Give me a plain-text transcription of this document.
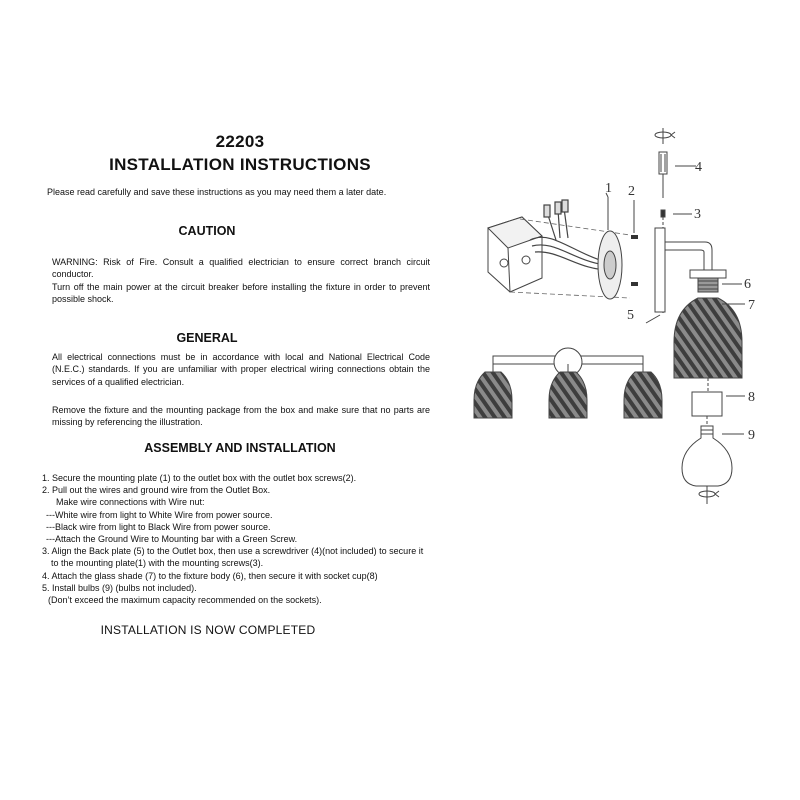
22203
INSTALLATION INSTRUCTIONS
Please read carefully and save these instructions as you may need them a later date.
CAUTION

WARNING: Risk of Fire. Consult a qualified electrician to ensure correct branch circuit conductor.

Turn off the main power at the circuit breaker before installing the fixture in order to prevent possible shock.

GENERAL
All electrical connections must be in accordance with local and National Electrical Code (N.E.C.) standards. If you are unfamiliar with proper electrical wiring connections obtain the services of a qualified electrician.
Remove the fixture and the mounting package from the box and make sure that no parts are missing by referencing the illustration.
ASSEMBLY AND INSTALLATION
1. Secure the mounting plate (1) to the outlet box with the outlet box screws(2).
2. Pull out the wires and ground wire from the Outlet Box.
Make wire connections with Wire nut:
---White wire from light to White Wire from power source.
---Black wire from light to Black Wire from power source.
---Attach the Ground Wire to Mounting bar with a Green Screw.
3. Align the Back plate (5) to the Outlet box, then use a screwdriver (4)(not included) to secure it
to the mounting plate(1) with the mounting screws(3).
4. Attach the glass shade (7) to the fixture body (6), then secure it with socket cup(8)
5. Install bulbs (9) (bulbs not included).
(Don’t exceed the maximum capacity recommended on the sockets).
INSTALLATION IS NOW COMPLETED
1 2
3
4
5
6
7
8
9
